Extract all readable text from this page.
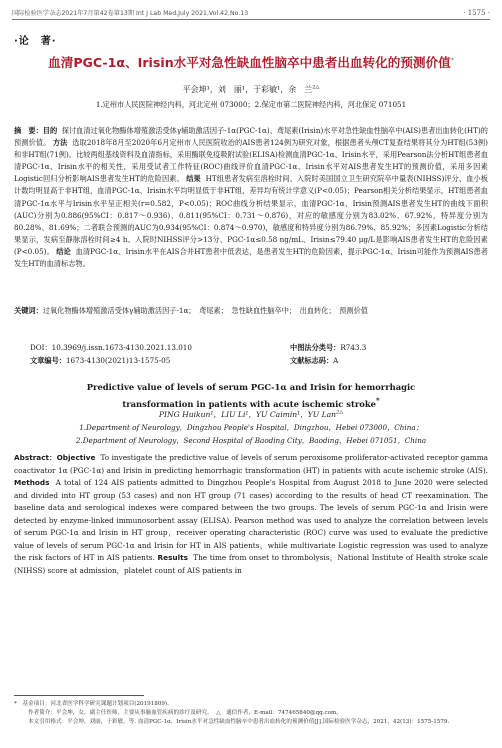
国际检验医学杂志2021年7月第42卷第13期 Int J Lab Med,July 2021,Vol.42,No.13	· 1575 ·
·论　著·
血清PGC-1α、Irisin水平对急性缺血性脑卒中患者出血转化的预测价值*
平会坤¹，刘　丽¹，于彩敏¹，余　兰$^{2\triangle}$
1.定州市人民医院神经内科，河北定州 073000；2.保定市第二医院神经内科，河北保定 071051
摘　要：目的 探讨血清过氧化物酶体增殖激活受体γ辅助激活因子-1α(PGC-1α)、鸢尾素(Irisin)水平对急性缺血性脑卒中(AIS)患者出血转化(HT)的预测价值。 方法 选取2018年8月至2020年6月定州市人民医院收治的AIS患者124例为研究对象，根据患者头颅CT复查结果将其分为HT组(53例)和非HT组(71例)。比较两组基线资料及血清指标，采用酶联免疫吸附试验(ELISA)检测血清PGC-1α、Irisin水平，采用Pearson法分析HT组患者血清PGC-1α、Irisin水平的相关性，采用受试者工作特征(ROC)曲线评价血清PGC-1α、Irisin水平对AIS患者发生HT的预测价值，采用多因素Logistic回归分析影响AIS患者发生HT的危险因素。 结果 HT组患者发病至溶栓时间、入院时美国国立卫生研究院卒中量表(NIHSS)评分、血小板计数均明显高于非HT组，血清PGC-1α、Irisin水平均明显低于非HT组，差异均有统计学意义(P<0.05)；Pearson相关分析结果显示，HT组患者血清PGC-1α水平与Irisin水平呈正相关(r=0.582，P<0.05)；ROC曲线分析结果显示，血清PGC-1α、Irisin预测AIS患者发生HT的曲线下面积(AUC)分别为0.886(95%CI：0.817～0.936)、0.811(95%CI：0.731～0.876)，对应的敏感度分别为83.02%、67.92%，特异度分别为80.28%、81.69%；二者联合预测的AUC为0.934(95%CI：0.874～0.970)，敏感度和特异度分别为86.79%、85.92%；多因素Logistic分析结果显示，发病至静脉溶栓时间≥4 h、入院时NIHSS评分>13分、PGC-1α≤0.58 ng/mL、Irisin≤79.40 μg/L是影响AIS患者发生HT的危险因素(P<0.05)。 结论 血清PGC-1α、Irisin水平在AIS合并HT患者中低表达，是患者发生HT的危险因素，提示PGC-1α、Irisin可能作为预测AIS患者发生HT的血清标志物。
关键词：过氧化物酶体增殖激活受体γ辅助激活因子-1α；　鸢尾素；　急性缺血性脑卒中；　出血转化；　预测价值
DOI：10.3969/j.issn.1673-4130.2021.13.010	中图法分类号：R743.3
文章编号：1673-4130(2021)13-1575-05	文献标志码：A
Predictive value of levels of serum PGC-1α and Irisin for hemorrhagic
transformation in patients with acute ischemic stroke*
PING Huikun¹，LIU Li¹，YU Caimin¹，YU Lan$^{2\triangle}$
1.Department of Neurology，Dingzhou People's Hospital，Dingzhou，Hebei 073000，China；
2.Department of Neurology，Second Hospital of Baoding City，Baoding，Hebei 071051，China
Abstract：Objective To investigate the predictive value of levels of serum peroxisome proliferator-activated receptor gamma coactivator 1α (PGC-1α) and Irisin in predicting hemorrhagic transformation (HT) in patients with acute ischemic stroke (AIS). Methods A total of 124 AIS patients admitted to Dingzhou People's Hospital from August 2018 to June 2020 were selected and divided into HT group (53 cases) and non HT group (71 cases) according to the results of head CT reexamination. The baseline data and serological indexes were compared between the two groups. The levels of serum PGC-1α and Irisin were detected by enzyme-linked immunosorbent assay (ELISA). Pearson method was used to analyze the correlation between levels of serum PGC-1α and Irisin in HT group，receiver operating characteristic (ROC) curve was used to evaluate the predictive value of levels of serum PGC-1α and Irisin for HT in AIS patients，while multivariate Logistic regression was used to analyze the risk factors of HT in AIS patients. Results The time from onset to thrombolysis，National Institute of Health stroke scale (NIHSS) score at admission，platelet count of AIS patients in
*　基金项目：河北省医学科学研究课题计划项目(20191809)。
作者简介：平会坤，女，副主任医师，主要从事脑血管疾病的诊疗及研究。 △　通信作者，E-mail：747465840@qq.com。
本文引用格式：平会坤，刘丽，于彩敏，等. 血清PGC-1α、Irisin水平对急性缺血性脑卒中患者出血转化的预测价值[J].国际检验医学杂志，2021，42(13)：1575-1579.
